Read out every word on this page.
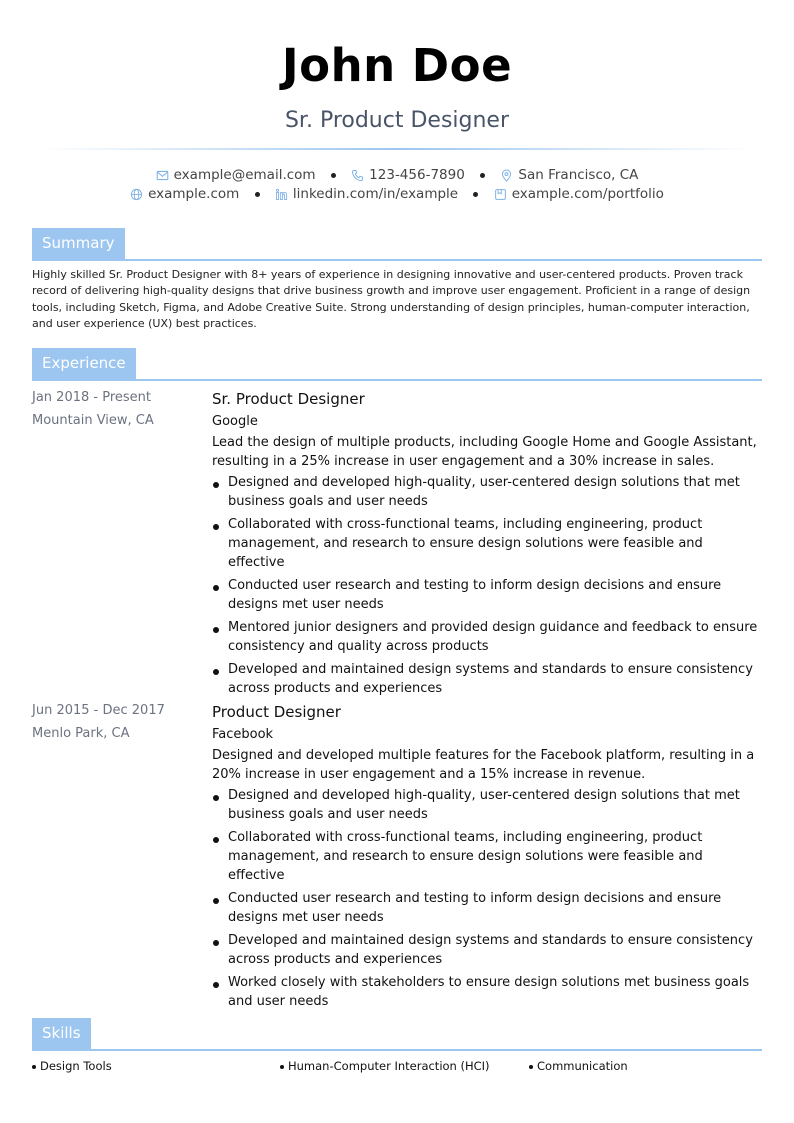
John Doe
Sr. Product Designer
example@email.com
	123-456-7890
	San Francisco, CA
example.com
	linkedin.com/in/example
	example.com/portfolio
Summary
Highly skilled Sr. Product Designer with 8+ years of experience in designing innovative and user-centered products. Proven track record of delivering high-quality designs that drive business growth and improve user engagement. Proficient in a range of design tools, including Sketch, Figma, and Adobe Creative Suite. Strong understanding of design principles, human-computer interaction, and user experience (UX) best practices.
Experience
Jan 2018 - Present
Mountain View, CA
Sr. Product Designer
Google
Lead the design of multiple products, including Google Home and Google Assistant, resulting in a 25% increase in user engagement and a 30% increase in sales.
Designed and developed high-quality, user-centered design solutions that met business goals and user needs
Collaborated with cross-functional teams, including engineering, product management, and research to ensure design solutions were feasible and effective
Conducted user research and testing to inform design decisions and ensure designs met user needs
Mentored junior designers and provided design guidance and feedback to ensure consistency and quality across products
Developed and maintained design systems and standards to ensure consistency across products and experiences
Jun 2015 - Dec 2017
Menlo Park, CA
Product Designer
Facebook
Designed and developed multiple features for the Facebook platform, resulting in a 20% increase in user engagement and a 15% increase in revenue.
Designed and developed high-quality, user-centered design solutions that met business goals and user needs
Collaborated with cross-functional teams, including engineering, product management, and research to ensure design solutions were feasible and effective
Conducted user research and testing to inform design decisions and ensure designs met user needs
Developed and maintained design systems and standards to ensure consistency across products and experiences
Worked closely with stakeholders to ensure design solutions met business goals and user needs
Skills
Design Tools	Human-Computer Interaction (HCI)	Communication
